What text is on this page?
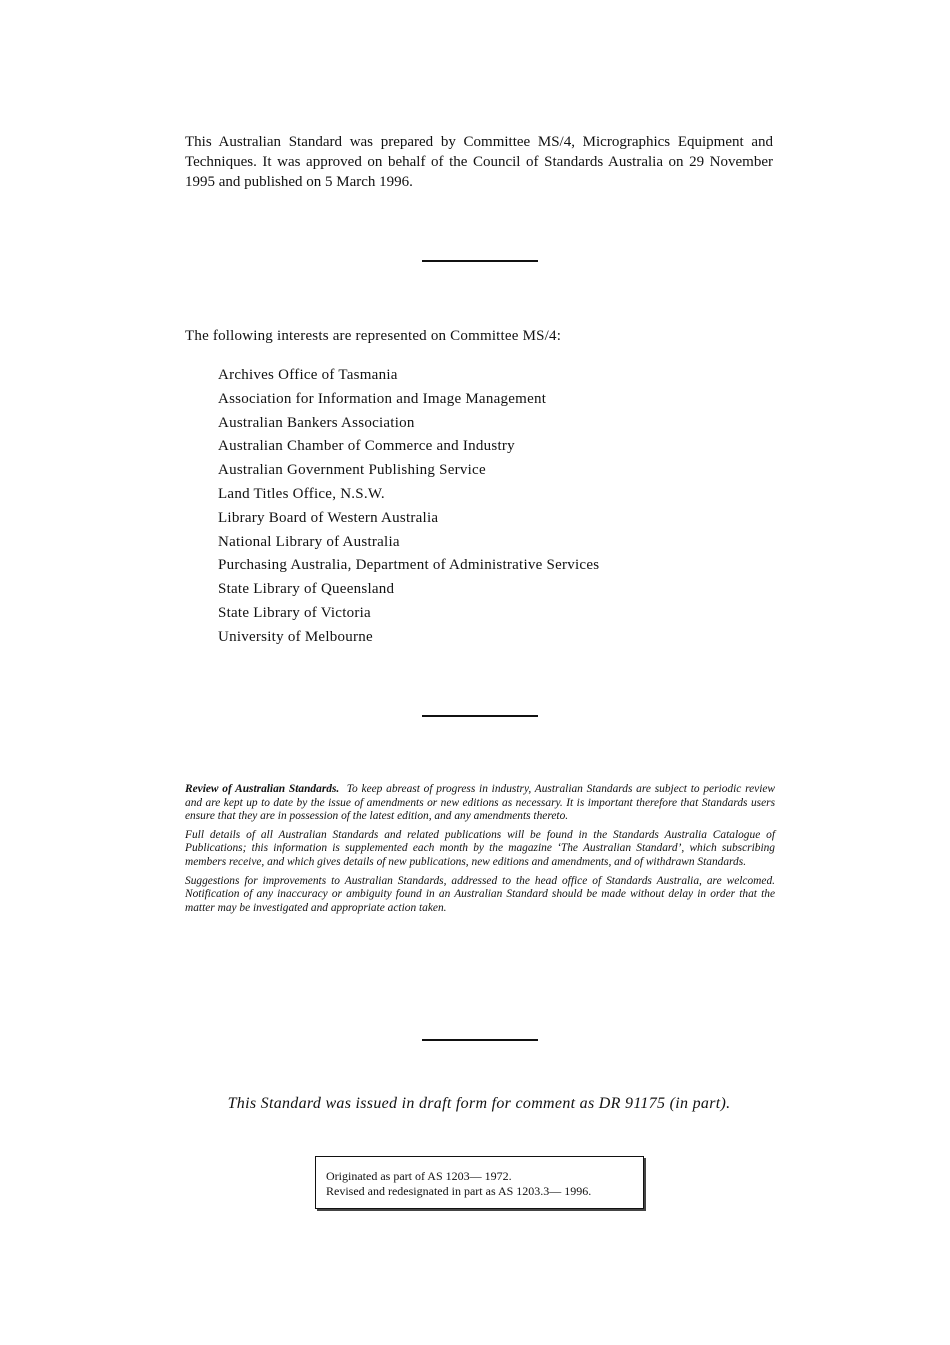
This Australian Standard was prepared by Committee MS/4, Micrographics Equipment and Techniques. It was approved on behalf of the Council of Standards Australia on 29 November 1995 and published on 5 March 1996.

The following interests are represented on Committee MS/4:

Archives Office of Tasmania
Association for Information and Image Management
Australian Bankers Association
Australian Chamber of Commerce and Industry
Australian Government Publishing Service
Land Titles Office, N.S.W.
Library Board of Western Australia
National Library of Australia
Purchasing Australia, Department of Administrative Services
State Library of Queensland
State Library of Victoria
University of Melbourne

Review of Australian Standards. To keep abreast of progress in industry, Australian Standards are subject to periodic review and are kept up to date by the issue of amendments or new editions as necessary. It is important therefore that Standards users ensure that they are in possession of the latest edition, and any amendments thereto.

Full details of all Australian Standards and related publications will be found in the Standards Australia Catalogue of Publications; this information is supplemented each month by the magazine ‘The Australian Standard’, which subscribing members receive, and which gives details of new publications, new editions and amendments, and of withdrawn Standards.

Suggestions for improvements to Australian Standards, addressed to the head office of Standards Australia, are welcomed. Notification of any inaccuracy or ambiguity found in an Australian Standard should be made without delay in order that the matter may be investigated and appropriate action taken.

This Standard was issued in draft form for comment as DR 91175 (in part).

Originated as part of AS 1203— 1972.
Revised and redesignated in part as AS 1203.3— 1996.
